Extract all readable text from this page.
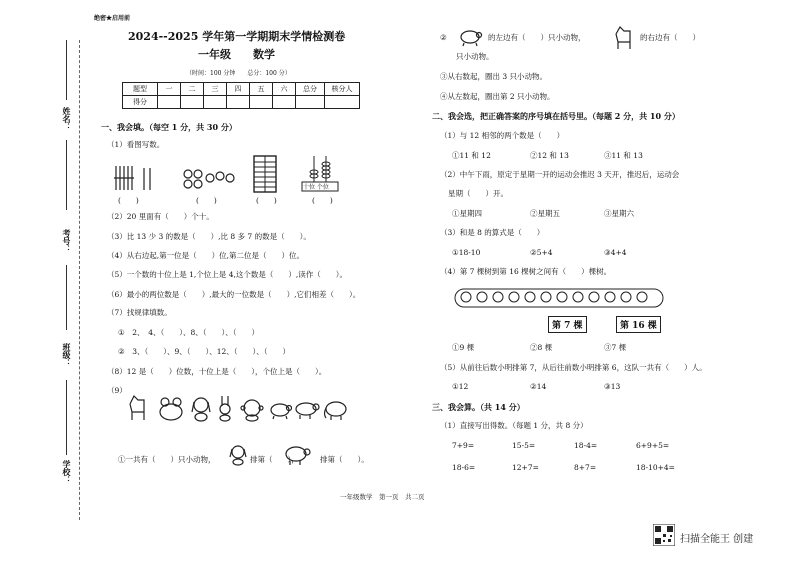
姓名：
考号：
班级：
学校：
绝密★启用前
2024--2025 学年第一学期期末学情检测卷
一年级　　数学
（时间：100 分钟　　总分：100 分）
题型	一	二	三	四	五	六	总分	核分人
得分								
一、我会填。（每空 1 分，共 30 分）
（1）看图写数。
十位 个位
(　　)	(　　)	(　　)	(　　)
（2）20 里面有（　　）个十。
（3）比 13 少 3 的数是（　　）,比 8 多 7 的数是（　　）。
（4）从右边起,第一位是（　　）位,第二位是（　　）位。
（5）一个数的十位上是 1,个位上是 4,这个数是（　　）,读作（　　）。
（6）最小的两位数是（　　）,最大的一位数是（　　）,它们相差（　　）。
（7）找规律填数。
①　2、　4、（　　）、8、（　　）、（　　）
②　3、（　　）、9、（　　）、12、（　　）、（　　）
（8）12 是（　　）位数，十位上是（　　），个位上是（　　）。
（9）
①一共有（　　）只小动物，	排第（　　），	排第（　　）。
②	的左边有（　　）只小动物，	的右边有（　　）
只小动物。
③从右数起，圈出 3 只小动物。
④从左数起，圈出第 2 只小动物。
二、我会选，把正确答案的序号填在括号里。（每题 2 分，共 10 分）
（1）与 12 相邻的两个数是（　　）
①11 和 12	②12 和 13	③11 和 13
（2）中午下雨，原定于星期一开的运动会推迟 3 天开，推迟后，运动会
星期（　　）开。
①星期四	②星期五	③星期六
（3）和是 8 的算式是（　　）
①18-10	②5+4	③4+4
（4）第 7 棵树到第 16 棵树之间有（　　）棵树。
第 7 棵	第 16 棵
①9 棵	②8 棵	③7 棵
（5）从前往后数小明排第 7，从后往前数小明排第 6，这队一共有（　　）人。
①12	②14	③13
三、我会算。（共 14 分）
（1）直接写出得数。（每题 1 分，共 8 分）
7+9=	15-5=	18-4=	6+9+5=
18-6=	12+7=	8+7=	18-10+4=
一年级数学　第一页　共二页
扫描全能王 创建
